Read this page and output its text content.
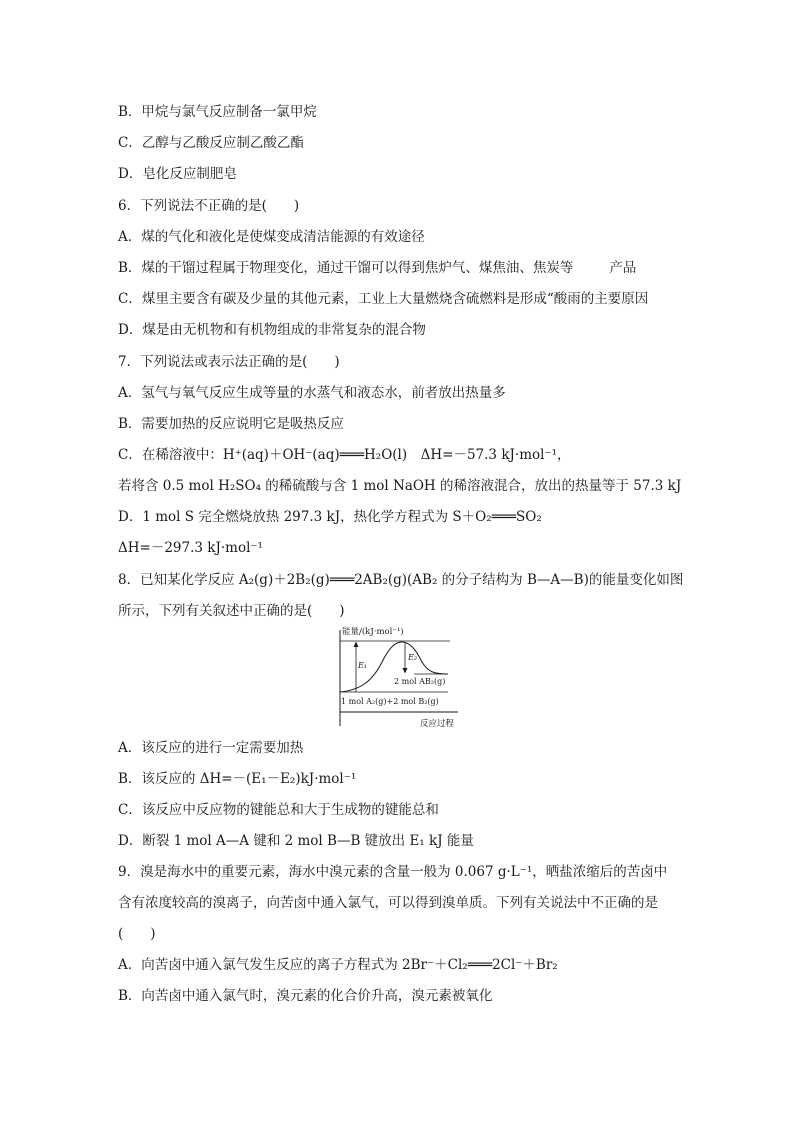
B．甲烷与氯气反应制备一氯甲烷
C．乙醇与乙酸反应制乙酸乙酯
D．皂化反应制肥皂
6．下列说法不正确的是(　　)
A．煤的气化和液化是使煤变成清洁能源的有效途径
B．煤的干馏过程属于物理变化，通过干馏可以得到焦炉气、煤焦油、焦炭等	产品
C．煤里主要含有碳及少量的其他元素，工业上大量燃烧含硫燃料是形成“酸雨的主要原因
D．煤是由无机物和有机物组成的非常复杂的混合物
7．下列说法或表示法正确的是(　　)
A．氢气与氧气反应生成等量的水蒸气和液态水，前者放出热量多
B．需要加热的反应说明它是吸热反应
C．在稀溶液中：H⁺(aq)＋OH⁻(aq)═══H₂O(l)　ΔH=－57.3 kJ·mol⁻¹，
若将含 0.5 mol H₂SO₄ 的稀硫酸与含 1 mol NaOH 的稀溶液混合，放出的热量等于 57.3 kJ
D．1 mol S 完全燃烧放热 297.3 kJ，热化学方程式为 S＋O₂═══SO₂
ΔH=－297.3 kJ·mol⁻¹
8．已知某化学反应 A₂(g)＋2B₂(g)═══2AB₂(g)(AB₂ 的分子结构为 B—A—B)的能量变化如图
所示，下列有关叙述中正确的是(　　)
能量/(kJ·mol⁻¹)
E₁
E₂
2 mol AB₂(g)
1 mol A₂(g)+2 mol B₂(g)
反应过程
A．该反应的进行一定需要加热
B．该反应的 ΔH=－(E₁－E₂)kJ·mol⁻¹
C．该反应中反应物的键能总和大于生成物的键能总和
D．断裂 1 mol A—A 键和 2 mol B—B 键放出 E₁ kJ 能量
9．溴是海水中的重要元素，海水中溴元素的含量一般为 0.067 g·L⁻¹，晒盐浓缩后的苦卤中
含有浓度较高的溴离子，向苦卤中通入氯气，可以得到溴单质。下列有关说法中不正确的是
(　　)
A．向苦卤中通入氯气发生反应的离子方程式为 2Br⁻＋Cl₂═══2Cl⁻＋Br₂
B．向苦卤中通入氯气时，溴元素的化合价升高，溴元素被氧化
